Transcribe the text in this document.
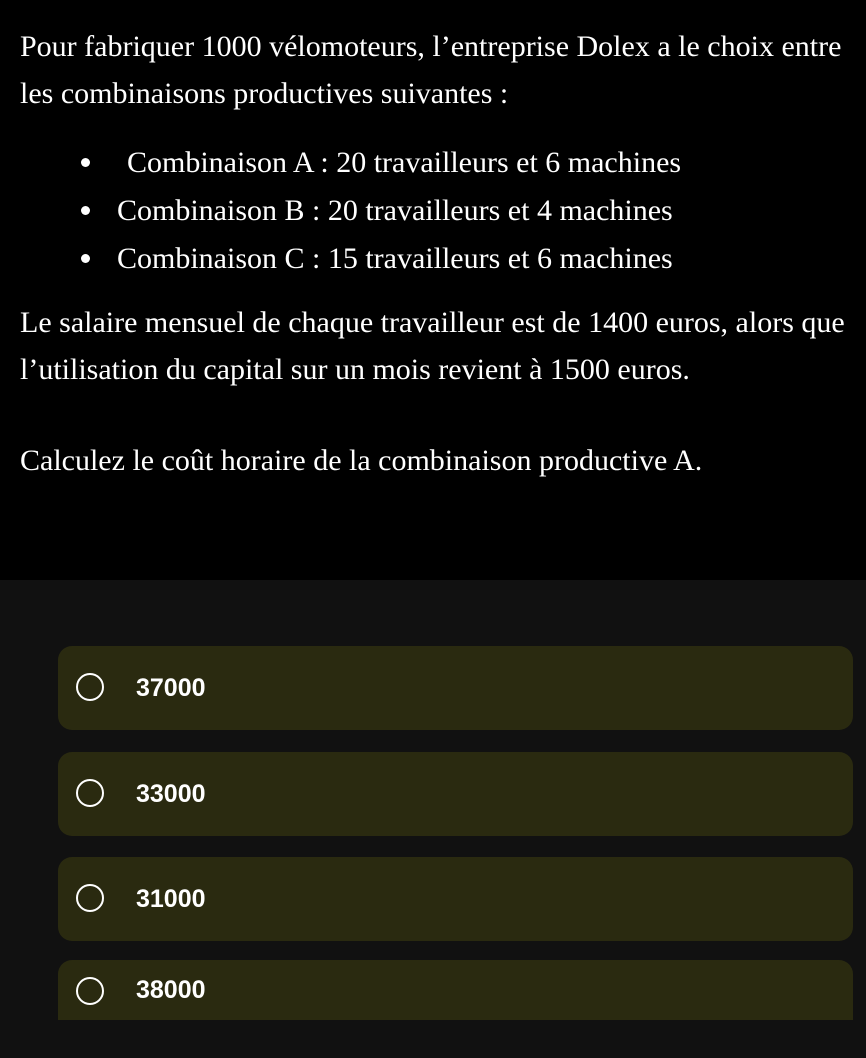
Pour fabriquer 1000 vélomoteurs, l’entreprise Dolex a le choix entre les combinaisons productives suivantes :

Combinaison A : 20 travailleurs et 6 machines
Combinaison B : 20 travailleurs et 4 machines
Combinaison C : 15 travailleurs et 6 machines

Le salaire mensuel de chaque travailleur est de 1400 euros, alors que l’utilisation du capital sur un mois revient à 1500 euros.

Calculez le coût horaire de la combinaison productive A.

37000
33000
31000
38000
